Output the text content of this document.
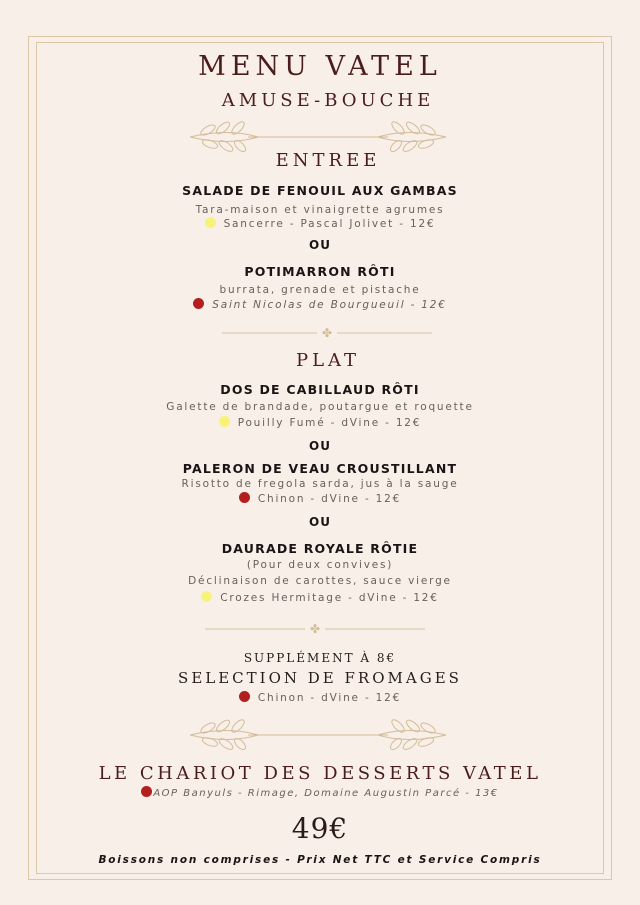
MENU VATEL
AMUSE-BOUCHE
ENTREE
SALADE DE FENOUIL AUX GAMBAS
Tara-maison et vinaigrette agrumes
Sancerre - Pascal Jolivet - 12€
OU
POTIMARRON RÔTI
burrata, grenade et pistache
Saint Nicolas de Bourgueuil - 12€
✤
PLAT
DOS DE CABILLAUD RÔTI
Galette de brandade, poutargue et roquette
Pouilly Fumé - dVine - 12€
OU
PALERON DE VEAU CROUSTILLANT
Risotto de fregola sarda, jus à la sauge
Chinon - dVine - 12€
OU
DAURADE ROYALE RÔTIE
(Pour deux convives)
Déclinaison de carottes, sauce vierge
Crozes Hermitage - dVine - 12€
✤
SUPPLÉMENT À 8€
SELECTION DE FROMAGES
Chinon - dVine - 12€
LE CHARIOT DES DESSERTS VATEL
AOP Banyuls - Rimage, Domaine Augustin Parcé - 13€
49€
Boissons non comprises - Prix Net TTC et Service Compris
